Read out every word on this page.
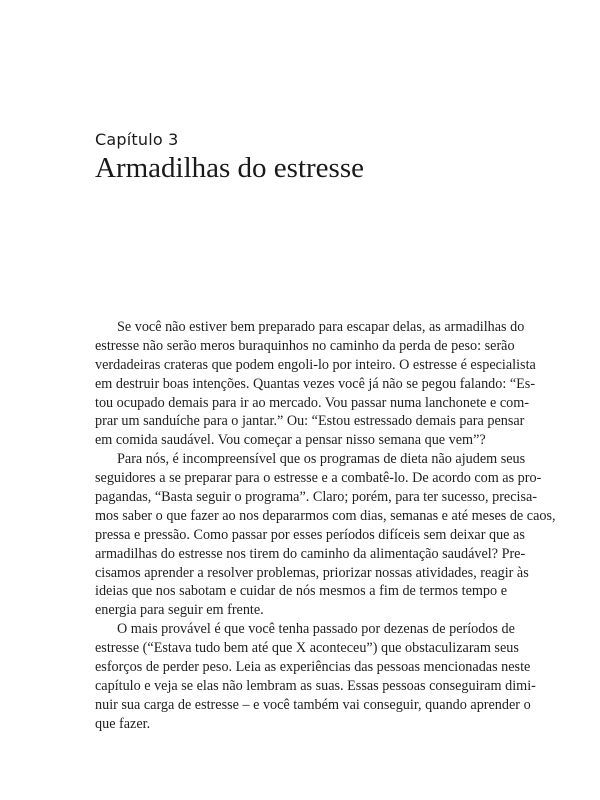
Capítulo 3

Armadilhas do estresse
Se você não estiver bem preparado para escapar delas, as armadilhas do
estresse não serão meros buraquinhos no caminho da perda de peso: serão
verdadeiras crateras que podem engoli-lo por inteiro. O estresse é especialista
em destruir boas intenções. Quantas vezes você já não se pegou falando: “Es-
tou ocupado demais para ir ao mercado. Vou passar numa lanchonete e com-
prar um sanduíche para o jantar.” Ou: “Estou estressado demais para pensar
em comida saudável. Vou começar a pensar nisso semana que vem”?
Para nós, é incompreensível que os programas de dieta não ajudem seus
seguidores a se preparar para o estresse e a combatê-lo. De acordo com as pro-
pagandas, “Basta seguir o programa”. Claro; porém, para ter sucesso, precisa-
mos saber o que fazer ao nos depararmos com dias, semanas e até meses de caos,
pressa e pressão. Como passar por esses períodos difíceis sem deixar que as
armadilhas do estresse nos tirem do caminho da alimentação saudável? Pre-
cisamos aprender a resolver problemas, priorizar nossas atividades, reagir às
ideias que nos sabotam e cuidar de nós mesmos a fim de termos tempo e
energia para seguir em frente.
O mais provável é que você tenha passado por dezenas de períodos de
estresse (“Estava tudo bem até que X aconteceu”) que obstaculizaram seus
esforços de perder peso. Leia as experiências das pessoas mencionadas neste
capítulo e veja se elas não lembram as suas. Essas pessoas conseguiram dimi-
nuir sua carga de estresse – e você também vai conseguir, quando aprender o
que fazer.
